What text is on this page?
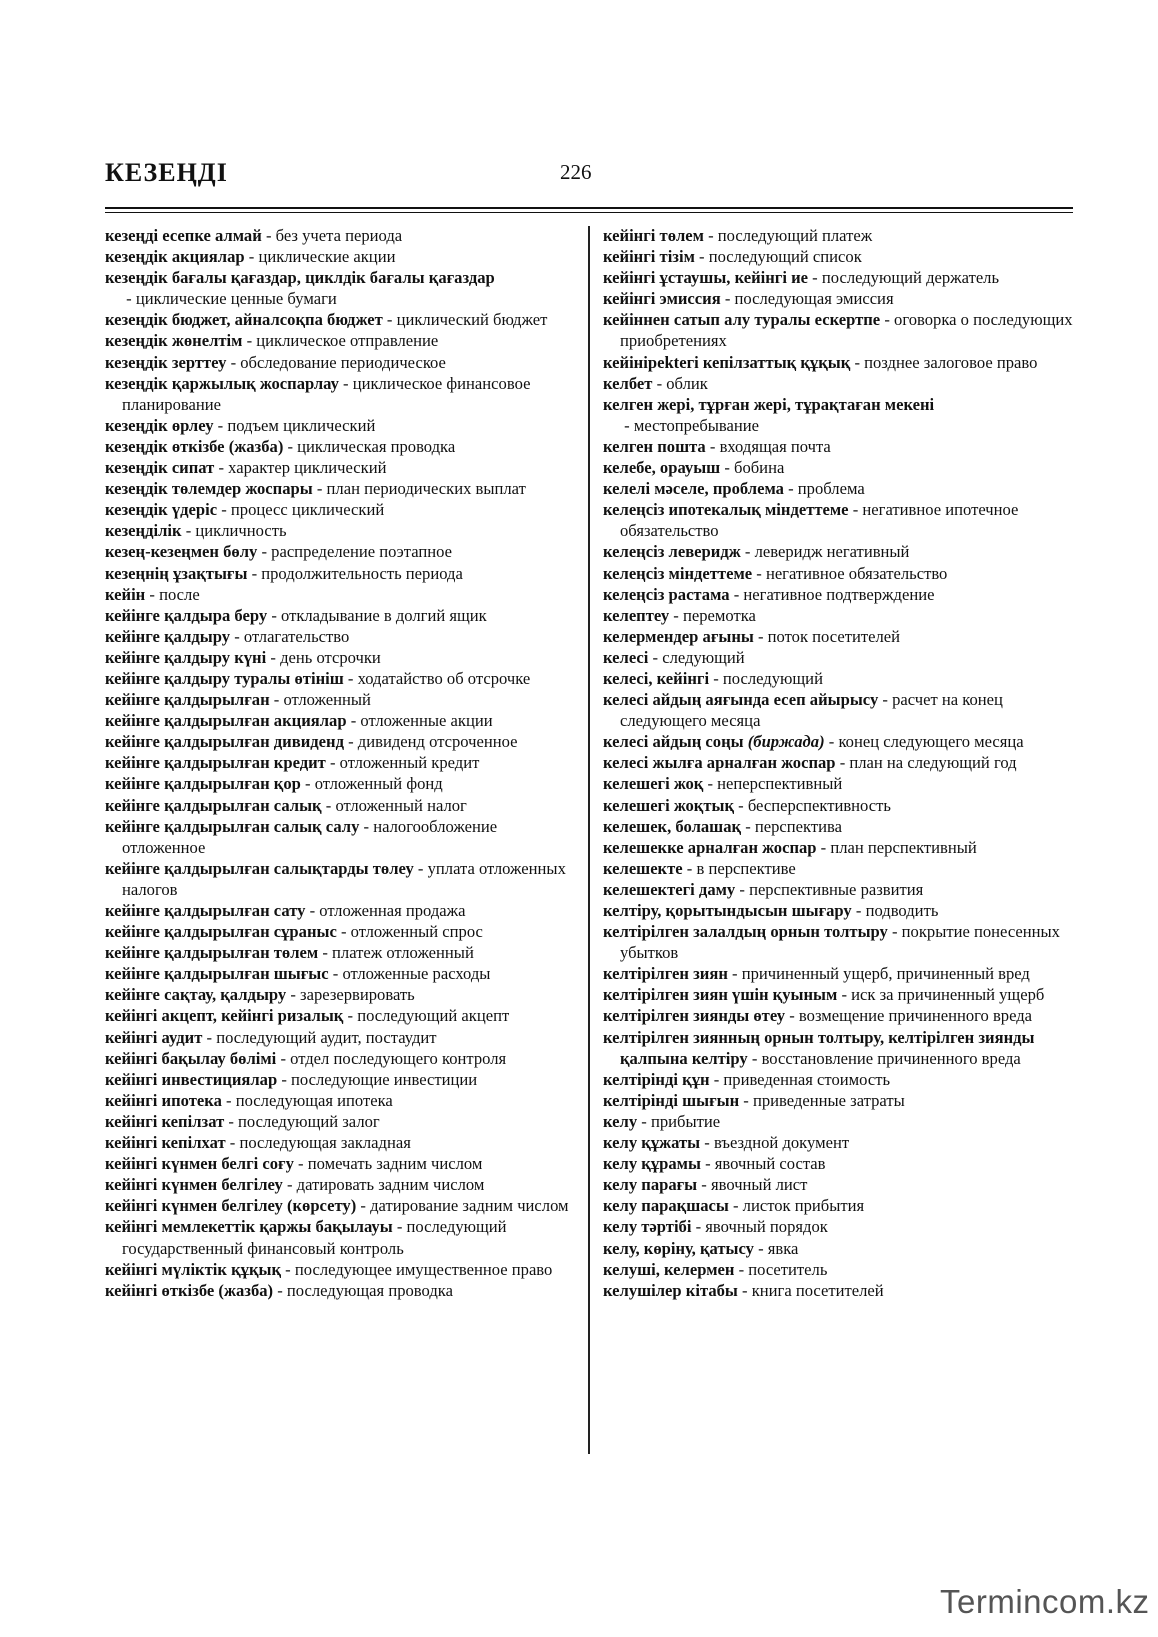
КЕЗЕҢДІ	226

кезеңді есепке алмай - без учета периода

кезеңдік акциялар - циклические акции

кезеңдік бағалы қағаздар, циклдік бағалы қағаздар - циклические ценные бумаги

кезеңдік бюджет, айналсоқпа бюджет - циклический бюджет

кезеңдік жөнелтім - циклическое отправление

кезеңдік зерттеу - обследование периодическое

кезеңдік қаржылық жоспарлау - циклическое финансовое планирование

кезеңдік өрлеу - подъем циклический

кезеңдік өткізбе (жазба) - циклическая проводка

кезеңдік сипат - характер циклический

кезеңдік төлемдер жоспары - план периодических выплат

кезеңдік үдеріс - процесс циклический

кезеңділік - цикличность

кезең-кезеңмен бөлу - распределение поэтапное

кезеңнің ұзақтығы - продолжительность периода

кейін - после

кейінге қалдыра беру - откладывание в долгий ящик

кейінге қалдыру - отлагательство

кейінге қалдыру күні - день отсрочки

кейінге қалдыру туралы өтініш - ходатайство об отсрочке

кейінге қалдырылған - отложенный

кейінге қалдырылған акциялар - отложенные акции

кейінге қалдырылған дивиденд - дивиденд отсроченное

кейінге қалдырылған кредит - отложенный кредит

кейінге қалдырылған қор - отложенный фонд

кейінге қалдырылған салық - отложенный налог

кейінге қалдырылған салық салу - налогообложение отложенное

кейінге қалдырылған салықтарды төлеу - уплата отложенных налогов

кейінге қалдырылған сату - отложенная продажа

кейінге қалдырылған сұраныс - отложенный спрос

кейінге қалдырылған төлем - платеж отложенный

кейінге қалдырылған шығыс - отложенные расходы

кейінге сақтау, қалдыру - зарезервировать

кейінгі акцепт, кейінгі ризалық - последующий акцепт

кейінгі аудит - последующий аудит, постаудит

кейінгі бақылау бөлімі - отдел последующего контроля

кейінгі инвестициялар - последующие инвестиции

кейінгі ипотека - последующая ипотека

кейінгі кепілзат - последующий залог

кейінгі кепілхат - последующая закладная

кейінгі күнмен белгі соғу - помечать задним числом

кейінгі күнмен белгілеу - датировать задним числом

кейінгі күнмен белгілеу (көрсету) - датирование задним числом

кейінгі мемлекеттік қаржы бақылауы - последующий государственный финансовый контроль

кейінгі мүліктік құқық - последующее имущественное право

кейінгі өткізбе (жазба) - последующая проводка

кейінгі төлем - последующий платеж

кейінгі тізім - последующий список

кейінгі ұстаушы, кейінгі ие - последующий держатель

кейінгі эмиссия - последующая эмиссия

кейіннен сатып алу туралы ескертпе - оговорка о последующих приобретениях

кейінірektегі кепілзаттық құқық - позднее залоговое право

келбет - облик

келген жері, тұрған жері, тұрақтаған мекені - местопребывание

келген пошта - входящая почта

келебе, орауыш - бобина

келелі мәселе, проблема - проблема

келеңсіз ипотекалық міндеттеме - негативное ипотечное обязательство

келеңсіз леверидж - леверидж негативный

келеңсіз міндеттеме - негативное обязательство

келеңсіз растама - негативное подтверждение

келептеу - перемотка

келермендер ағыны - поток посетителей

келесі - следующий

келесі, кейінгі - последующий

келесі айдың аяғында есеп айырысу - расчет на конец следующего месяца

келесі айдың соңы (биржада) - конец следующего месяца

келесі жылға арналған жоспар - план на следующий год

келешегі жоқ - неперспективный

келешегі жоқтық - бесперспективность

келешек, болашақ - перспектива

келешекке арналған жоспар - план перспективный

келешекте - в перспективе

келешектегі даму - перспективные развития

келтіру, қорытындысын шығару - подводить

келтірілген залалдың орнын толтыру - покрытие понесенных убытков

келтірілген зиян - причиненный ущерб, причиненный вред

келтірілген зиян үшін қуыным - иск за причиненный ущерб

келтірілген зиянды өтеу - возмещение причиненного вреда

келтірілген зиянның орнын толтыру, келтірілген зиянды қалпына келтіру - восстановление причиненного вреда

келтірінді құн - приведенная стоимость

келтірінді шығын - приведенные затраты

келу - прибытие

келу құжаты - въездной документ

келу құрамы - явочный состав

келу парағы - явочный лист

келу парақшасы - листок прибытия

келу тәртібі - явочный порядок

келу, көріну, қатысу - явка

келуші, келермен - посетитель

келушілер кітабы - книга посетителей

Termincom.kz
